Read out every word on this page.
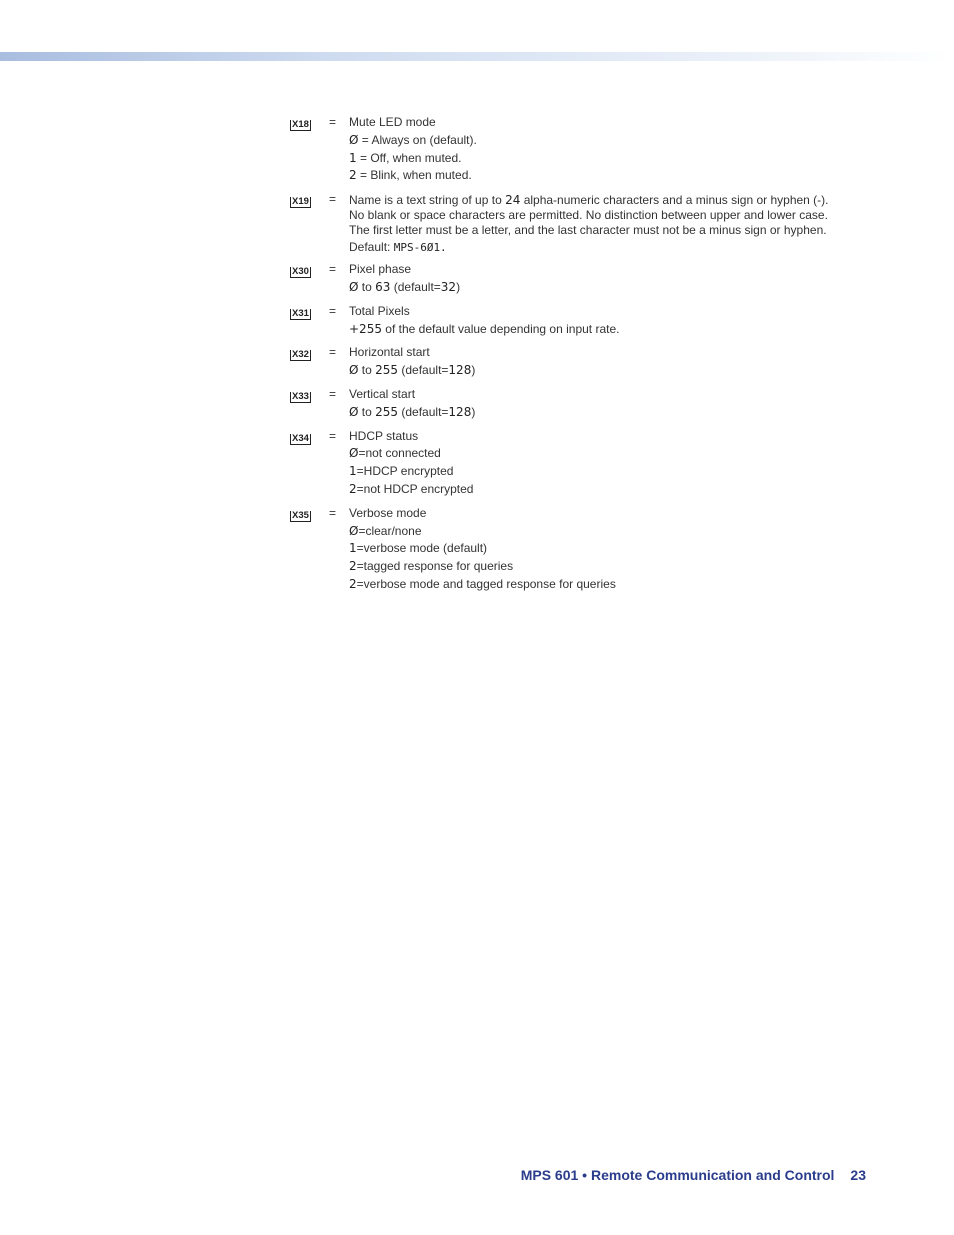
X18 = Mute LED mode
Ø = Always on (default).
1 = Off, when muted.
2 = Blink, when muted.
X19 = Name is a text string of up to 24 alpha-numeric characters and a minus sign or hyphen (-). No blank or space characters are permitted. No distinction between upper and lower case. The first letter must be a letter, and the last character must not be a minus sign or hyphen.
Default: MPS-6Ø1.
X30 = Pixel phase
Ø to 63 (default=32)
X31 = Total Pixels
+255 of the default value depending on input rate.
X32 = Horizontal start
Ø to 255 (default=128)
X33 = Vertical start
Ø to 255 (default=128)
X34 = HDCP status
Ø=not connected
1=HDCP encrypted
2=not HDCP encrypted
X35 = Verbose mode
Ø=clear/none
1=verbose mode (default)
2=tagged response for queries
2=verbose mode and tagged response for queries
MPS 601 • Remote Communication and Control 23
